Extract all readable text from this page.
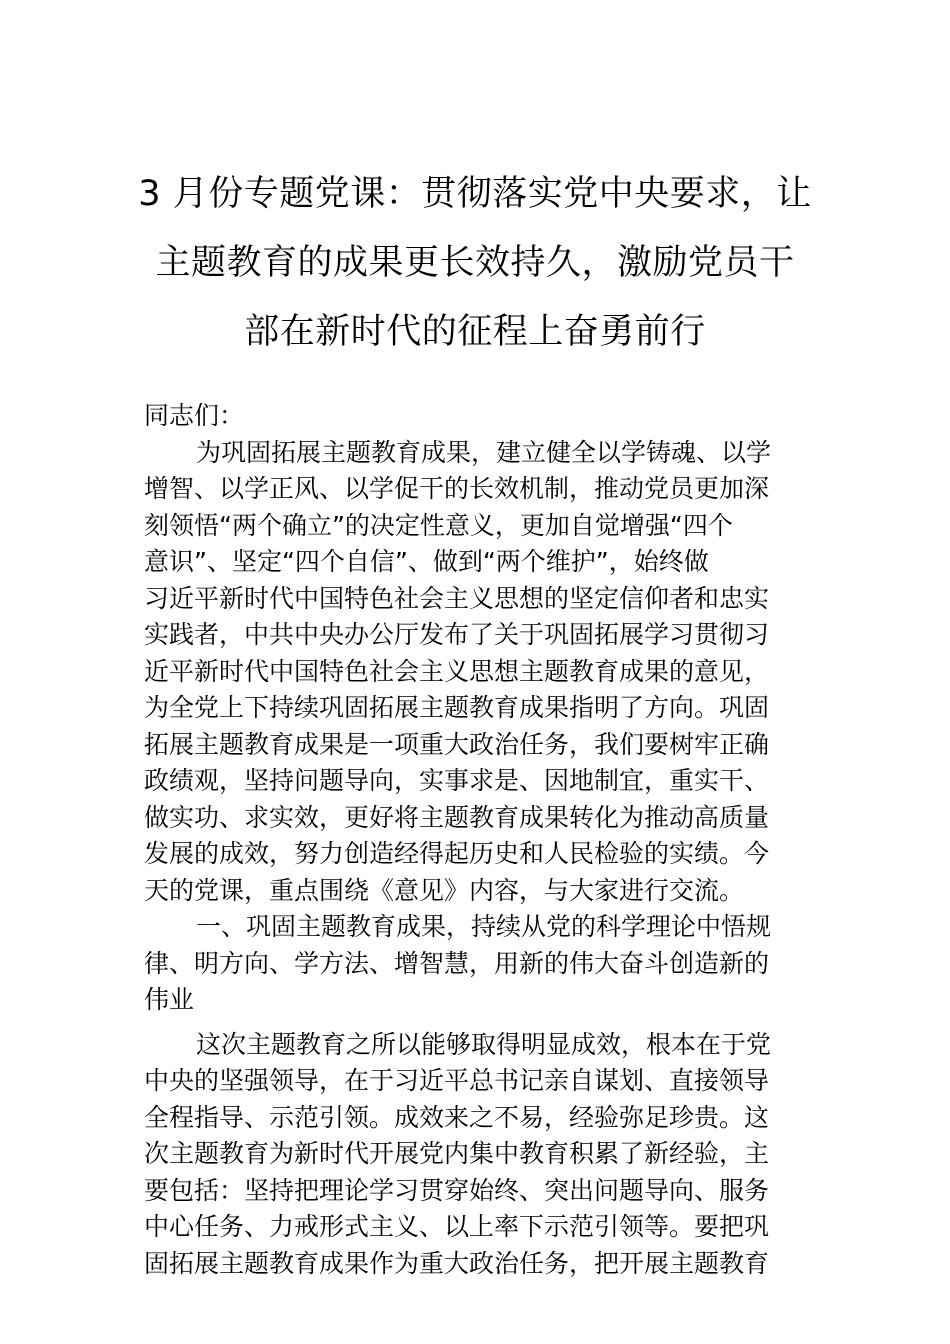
3 月份专题党课：贯彻落实党中央要求，让
主题教育的成果更长效持久，激励党员干
部在新时代的征程上奋勇前行
同志们：
为巩固拓展主题教育成果，建立健全以学铸魂、以学
增智、以学正风、以学促干的长效机制，推动党员更加深
刻领悟“两个确立”的决定性意义，更加自觉增强“四个
意识”、坚定“四个自信”、做到“两个维护”，始终做
习近平新时代中国特色社会主义思想的坚定信仰者和忠实
实践者，中共中央办公厅发布了关于巩固拓展学习贯彻习
近平新时代中国特色社会主义思想主题教育成果的意见，
为全党上下持续巩固拓展主题教育成果指明了方向。巩固
拓展主题教育成果是一项重大政治任务，我们要树牢正确
政绩观，坚持问题导向，实事求是、因地制宜，重实干、
做实功、求实效，更好将主题教育成果转化为推动高质量
发展的成效，努力创造经得起历史和人民检验的实绩。今
天的党课，重点围绕《意见》内容，与大家进行交流。
一、巩固主题教育成果，持续从党的科学理论中悟规
律、明方向、学方法、增智慧，用新的伟大奋斗创造新的
伟业
这次主题教育之所以能够取得明显成效，根本在于党
中央的坚强领导，在于习近平总书记亲自谋划、直接领导
全程指导、示范引领。成效来之不易，经验弥足珍贵。这
次主题教育为新时代开展党内集中教育积累了新经验，主
要包括：坚持把理论学习贯穿始终、突出问题导向、服务
中心任务、力戒形式主义、以上率下示范引领等。要把巩
固拓展主题教育成果作为重大政治任务，把开展主题教育
